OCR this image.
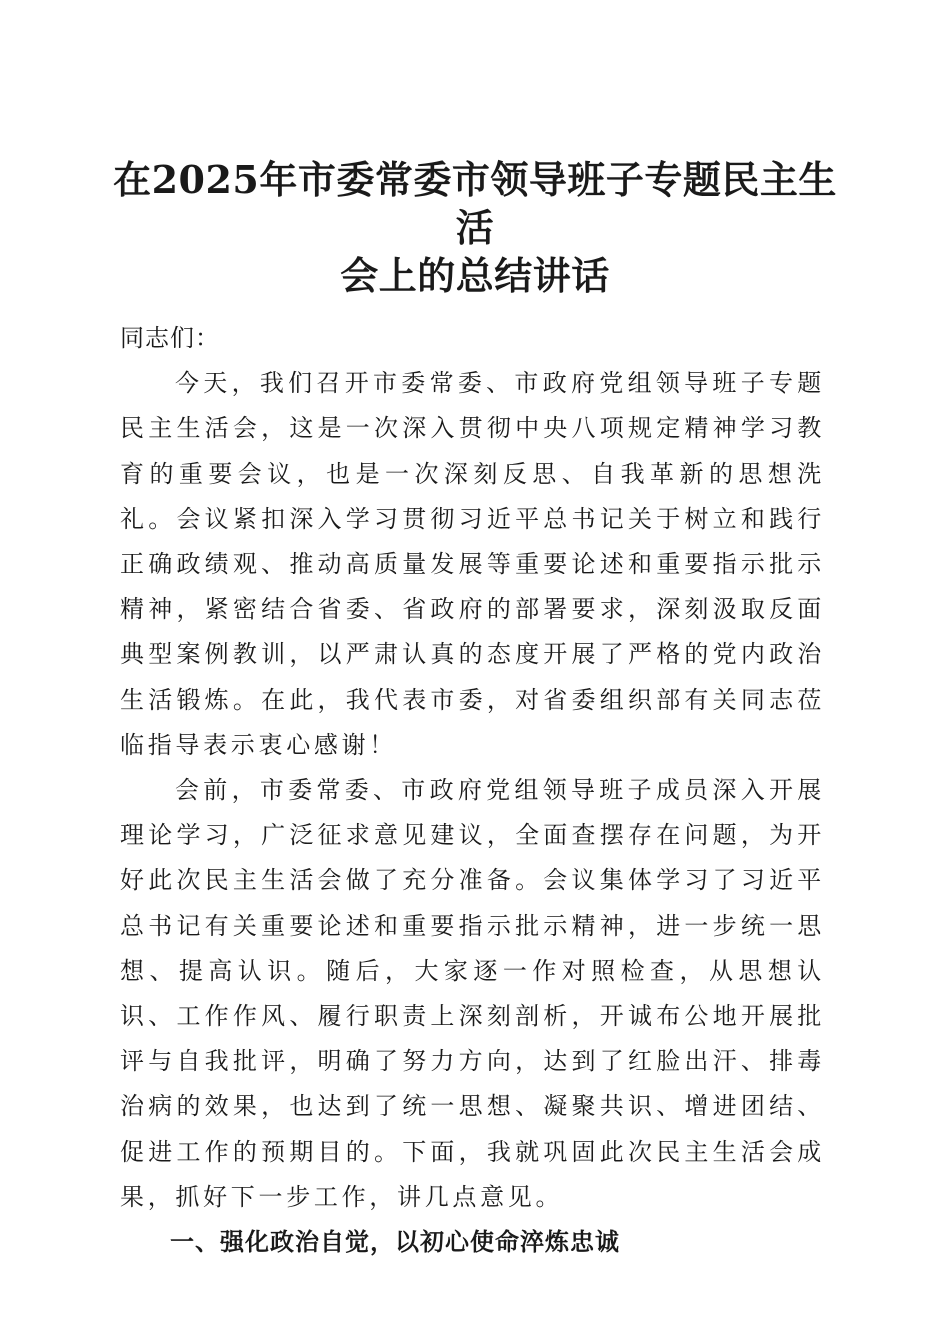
在2025年市委常委市领导班子专题民主生活
会上的总结讲话

同志们：

今天，我们召开市委常委、市政府党组领导班子专题民主生活会，这是一次深入贯彻中央八项规定精神学习教育的重要会议，也是一次深刻反思、自我革新的思想洗礼。会议紧扣深入学习贯彻习近平总书记关于树立和践行正确政绩观、推动高质量发展等重要论述和重要指示批示精神，紧密结合省委、省政府的部署要求，深刻汲取反面典型案例教训，以严肃认真的态度开展了严格的党内政治生活锻炼。在此，我代表市委，对省委组织部有关同志莅临指导表示衷心感谢！

会前，市委常委、市政府党组领导班子成员深入开展理论学习，广泛征求意见建议，全面查摆存在问题，为开好此次民主生活会做了充分准备。会议集体学习了习近平总书记有关重要论述和重要指示批示精神，进一步统一思想、提高认识。随后，大家逐一作对照检查，从思想认识、工作作风、履行职责上深刻剖析，开诚布公地开展批评与自我批评，明确了努力方向，达到了红脸出汗、排毒治病的效果，也达到了统一思想、凝聚共识、增进团结、促进工作的预期目的。下面，我就巩固此次民主生活会成果，抓好下一步工作，讲几点意见。

一、强化政治自觉，以初心使命淬炼忠诚
